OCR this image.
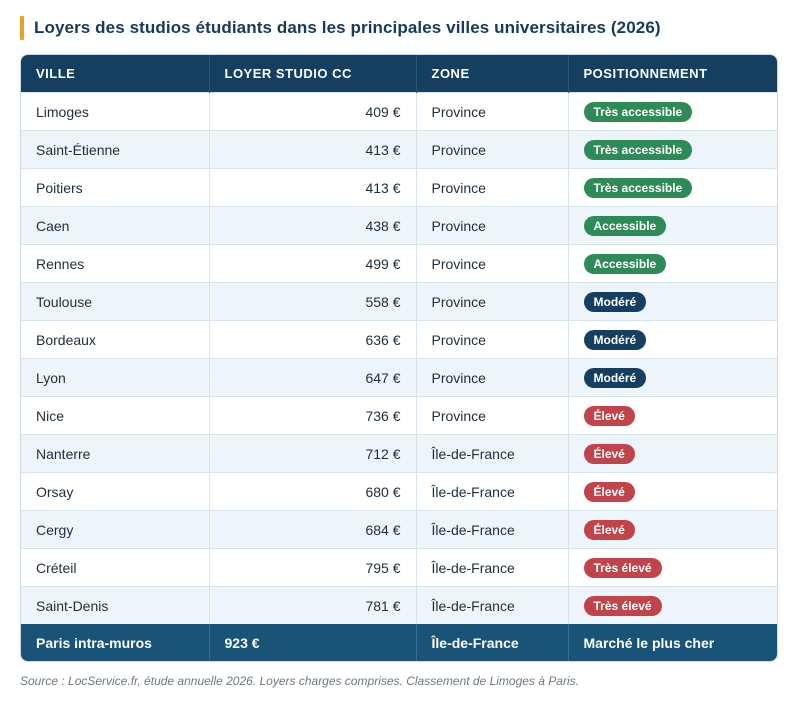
Loyers des studios étudiants dans les principales villes universitaires (2026)
VILLE	LOYER STUDIO CC	ZONE	POSITIONNEMENT
Limoges	409 €	Province	Très accessible
Saint-Étienne	413 €	Province	Très accessible
Poitiers	413 €	Province	Très accessible
Caen	438 €	Province	Accessible
Rennes	499 €	Province	Accessible
Toulouse	558 €	Province	Modéré
Bordeaux	636 €	Province	Modéré
Lyon	647 €	Province	Modéré
Nice	736 €	Province	Élevé
Nanterre	712 €	Île-de-France	Élevé
Orsay	680 €	Île-de-France	Élevé
Cergy	684 €	Île-de-France	Élevé
Créteil	795 €	Île-de-France	Très élevé
Saint-Denis	781 €	Île-de-France	Très élevé
Paris intra-muros	923 €	Île-de-France	Marché le plus cher
Source : LocService.fr, étude annuelle 2026. Loyers charges comprises. Classement de Limoges à Paris.
